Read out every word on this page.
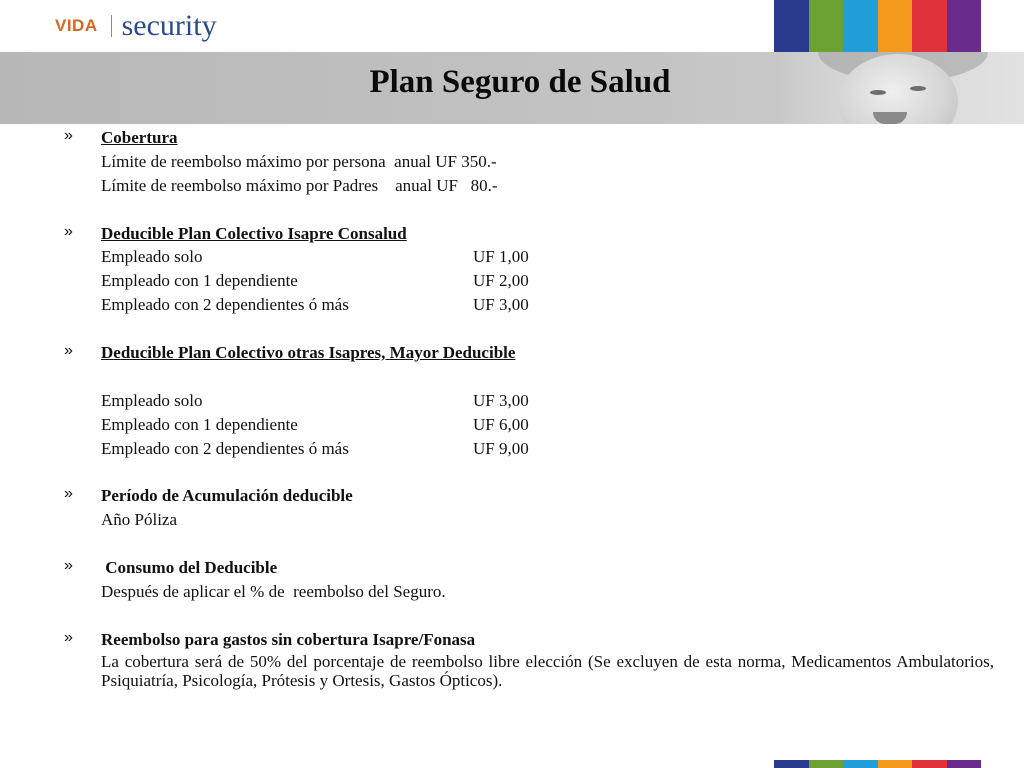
VIDA security
Plan Seguro de Salud
»	Cobertura
Límite de reembolso máximo por persona  anual UF 350.-
Límite de reembolso máximo por Padres    anual UF   80.-
»	Deducible Plan Colectivo Isapre Consalud
Empleado solo	UF 1,00
Empleado con 1 dependiente	UF 2,00
Empleado con 2 dependientes ó más	UF 3,00
»	Deducible Plan Colectivo otras Isapres, Mayor Deducible
Empleado solo	UF 3,00
Empleado con 1 dependiente	UF 6,00
Empleado con 2 dependientes ó más	UF 9,00
»	Período de Acumulación deducible
Año Póliza
»	Consumo del Deducible
Después de aplicar el % de  reembolso del Seguro.
»	Reembolso para gastos sin cobertura Isapre/Fonasa
La cobertura será de 50% del porcentaje de reembolso libre elección (Se excluyen de esta norma, Medicamentos Ambulatorios, Psiquiatría, Psicología, Prótesis y Ortesis, Gastos Ópticos).
